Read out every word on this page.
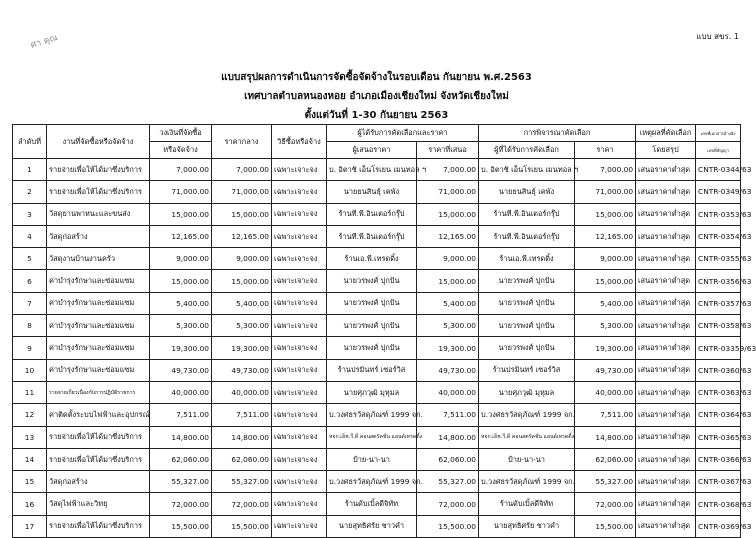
ศา คุณ	แบบ สขร. 1
แบบสรุปผลการดำเนินการจัดซื้อจัดจ้างในรอบเดือน กันยายน พ.ศ.2563
เทศบาลตำบลหนองหอย อำเภอเมืองเชียงใหม่ จังหวัดเชียงใหม่
ตั้งแต่วันที่ 1-30 กันยายน 2563
ลำดับที่	งานที่จัดซื้อหรือจัดจ้าง	วงเงินที่จัดซื้อ	ราคากลาง	วิธีซื้อหรือจ้าง	ผู้ได้รับการคัดเลือกและราคา		การพิจารณาคัดเลือก		เหตุผลที่คัดเลือก	เลขที่เอกสารอ้างอิง
		หรือจัดจ้าง			ผู้เสนอราคา	ราคาที่เสนอ	ผู้ที่ได้รับการคัดเลือก	ราคา	โดยสรุป	เลขที่สัญญา
1	รายจ่ายเพื่อให้ได้มาซึ่งบริการ	7,000.00	7,000.00	เฉพาะเจาะจง	บ. อิตาชิ เอ็นโรเยน เมนทอล ฯ	7,000.00	บ. อิตาชิ เอ็นโรเยน เมนทอล ฯ	7,000.00	เสนอราคาต่ำสุด	CNTR-0344/63
2	รายจ่ายเพื่อให้ได้มาซึ่งบริการ	71,000.00	71,000.00	เฉพาะเจาะจง	นายยนสินธุ์ เคพัง	71,000.00	นายยนสินธุ์ เคพัง	71,000.00	เสนอราคาต่ำสุด	CNTR-0349/63
3	วัสดุยานพาหนะและขนส่ง	15,000.00	15,000.00	เฉพาะเจาะจง	ร้านที.พี.อินเตอร์กรุ๊ป	15,000.00	ร้านที.พี.อินเตอร์กรุ๊ป	15,000.00	เสนอราคาต่ำสุด	CNTR-0353/63
4	วัสดุก่อสร้าง	12,165.00	12,165.00	เฉพาะเจาะจง	ร้านที.พี.อินเตอร์กรุ๊ป	12,165.00	ร้านที.พี.อินเตอร์กรุ๊ป	12,165.00	เสนอราคาต่ำสุด	CNTR-0354/63
5	วัสดุงานบ้านงานครัว	9,000.00	9,000.00	เฉพาะเจาะจง	ร้านเอ.พี.เทรดดิ้ง	9,000.00	ร้านเอ.พี.เทรดดิ้ง	9,000.00	เสนอราคาต่ำสุด	CNTR-0355/63
6	ค่าบำรุงรักษาและซ่อมแซม	15,000.00	15,000.00	เฉพาะเจาะจง	นายวรพงศ์ ปุกปัน	15,000.00	นายวรพงศ์ ปุกปัน	15,000.00	เสนอราคาต่ำสุด	CNTR-0356/63
7	ค่าบำรุงรักษาและซ่อมแซม	5,400.00	5,400.00	เฉพาะเจาะจง	นายวรพงศ์ ปุกปัน	5,400.00	นายวรพงศ์ ปุกปัน	5,400.00	เสนอราคาต่ำสุด	CNTR-0357/63
8	ค่าบำรุงรักษาและซ่อมแซม	5,300.00	5,300.00	เฉพาะเจาะจง	นายวรพงศ์ ปุกปัน	5,300.00	นายวรพงศ์ ปุกปัน	5,300.00	เสนอราคาต่ำสุด	CNTR-0358/63
9	ค่าบำรุงรักษาและซ่อมแซม	19,300.00	19,300.00	เฉพาะเจาะจง	นายวรพงศ์ ปุกปัน	19,300.00	นายวรพงศ์ ปุกปัน	19,300.00	เสนอราคาต่ำสุด	CNTR-03359/63
10	ค่าบำรุงรักษาและซ่อมแซม	49,730.00	49,730.00	เฉพาะเจาะจง	ร้านปรมินทร์ เซอร์วิส	49,730.00	ร้านปรมินทร์ เซอร์วิส	49,730.00	เสนอราคาต่ำสุด	CNTR-0360/63
11	รายจ่ายเกี่ยวเนื่องกับการปฏิบัติราชการ	40,000.00	40,000.00	เฉพาะเจาะจง	นายศุภวุฒิ มุหุมล	40,000.00	นายศุภวุฒิ มุหุมล	40,000.00	เสนอราคาต่ำสุด	CNTR-0363/63
12	ค่าติดตั้งระบบไฟฟ้าและอุปกรณ์	7,511.00	7,511.00	เฉพาะเจาะจง	บ.วงศธรวัสดุภัณฑ์ 1999 จก.	7,511.00	บ.วงศธรวัสดุภัณฑ์ 1999 จก.	7,511.00	เสนอราคาต่ำสุด	CNTR-0364/63
13	รายจ่ายเพื่อให้ได้มาซึ่งบริการ	14,800.00	14,800.00	เฉพาะเจาะจง	หจก.เอ็ช.วี.ดี คอนสตรัคชั่น แอนด์เทรดดิ้ง	14,800.00	หจก.เอ็ช.วี.ดี คอนสตรัคชั่น แอนด์เทรดดิ้ง	14,800.00	เสนอราคาต่ำสุด	CNTR-0365/63
14	รายจ่ายเพื่อให้ได้มาซึ่งบริการ	62,060.00	62,060.00	เฉพาะเจาะจง	ป้าย-นา-นา	62,060.00	ป้าย-นา-นา	62,060.00	เสนอราคาต่ำสุด	CNTR-0366/63
15	วัสดุก่อสร้าง	55,327.00	55,327.00	เฉพาะเจาะจง	บ.วงศธรวัสดุภัณฑ์ 1999 จก.	55,327.00	บ.วงศธรวัสดุภัณฑ์ 1999 จก.	55,327.00	เสนอราคาต่ำสุด	CNTR-0367/63
16	วัสดุไฟฟ้าและวิทยุ	72,000.00	72,000.00	เฉพาะเจาะจง	ร้านดับเบิ้ลดีจิทัท	72,000.00	ร้านดับเบิ้ลดีจิทัท	72,000.00	เสนอราคาต่ำสุด	CNTR-0368/63
17	รายจ่ายเพื่อให้ได้มาซึ่งบริการ	15,500.00	15,500.00	เฉพาะเจาะจง	นายสุทธิศรัย ชาวคำ	15,500.00	นายสุทธิศรัย ชาวคำ	15,500.00	เสนอราคาต่ำสุด	CNTR-0369/63
